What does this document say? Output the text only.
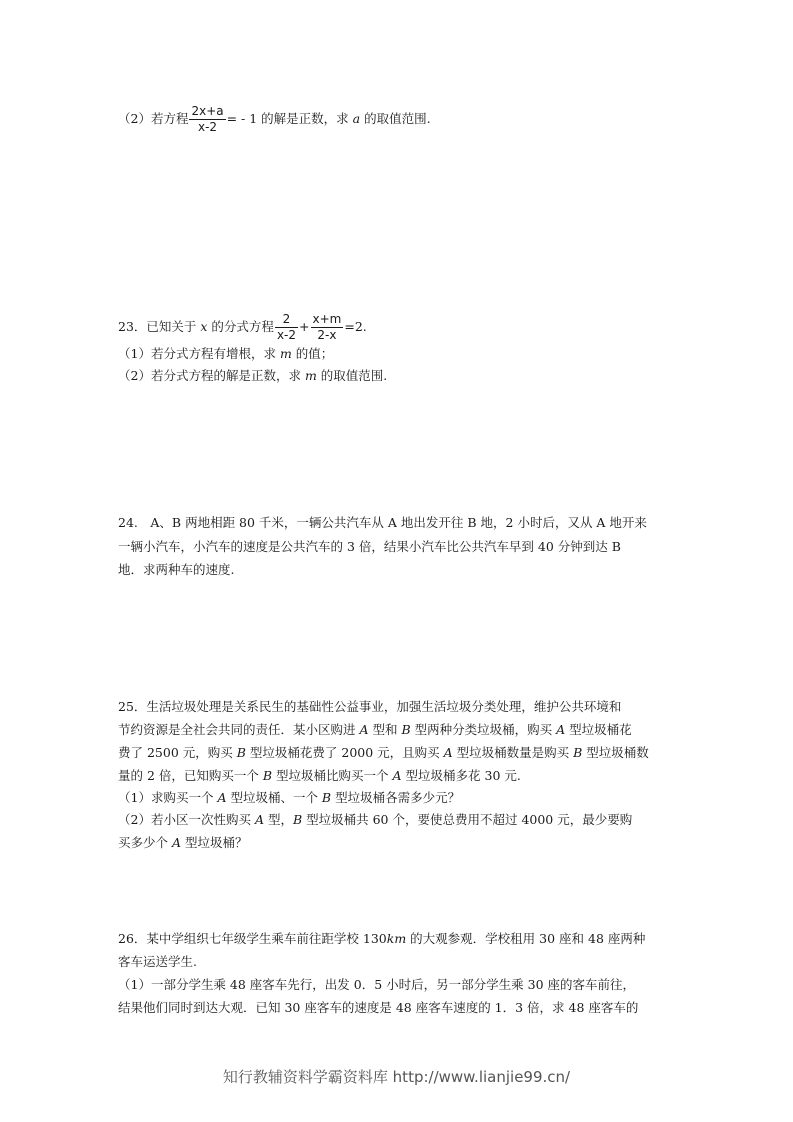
（2）若方程 $\frac{2x+a}{x-2}$ = - 1 的解是正数，求 a 的取值范围.
23．已知关于 x 的分式方程 $\frac{2}{x-2} + \frac{x+m}{2-x} =2$.
（1）若分式方程有增根，求 m 的值；
（2）若分式方程的解是正数，求 m 的取值范围.
24.　A、B 两地相距 80 千米，一辆公共汽车从 A 地出发开往 B 地，2 小时后，又从 A 地开来
一辆小汽车，小汽车的速度是公共汽车的 3 倍，结果小汽车比公共汽车早到 40 分钟到达 B
地．求两种车的速度.
25．生活垃圾处理是关系民生的基础性公益事业，加强生活垃圾分类处理，维护公共环境和
节约资源是全社会共同的责任．某小区购进 A 型和 B 型两种分类垃圾桶，购买 A 型垃圾桶花
费了 2500 元，购买 B 型垃圾桶花费了 2000 元，且购买 A 型垃圾桶数量是购买 B 型垃圾桶数
量的 2 倍，已知购买一个 B 型垃圾桶比购买一个 A 型垃圾桶多花 30 元.
（1）求购买一个 A 型垃圾桶、一个 B 型垃圾桶各需多少元？
（2）若小区一次性购买 A 型，B 型垃圾桶共 60 个，要使总费用不超过 4000 元，最少要购
买多少个 A 型垃圾桶？
26．某中学组织七年级学生乘车前往距学校 130km 的大观参观．学校租用 30 座和 48 座两种
客车运送学生.
（1）一部分学生乘 48 座客车先行，出发 0．5 小时后，另一部分学生乘 30 座的客车前往，
结果他们同时到达大观．已知 30 座客车的速度是 48 座客车速度的 1．3 倍，求 48 座客车的
知行教辅资料学霸资料库 http://www.lianjie99.cn/
